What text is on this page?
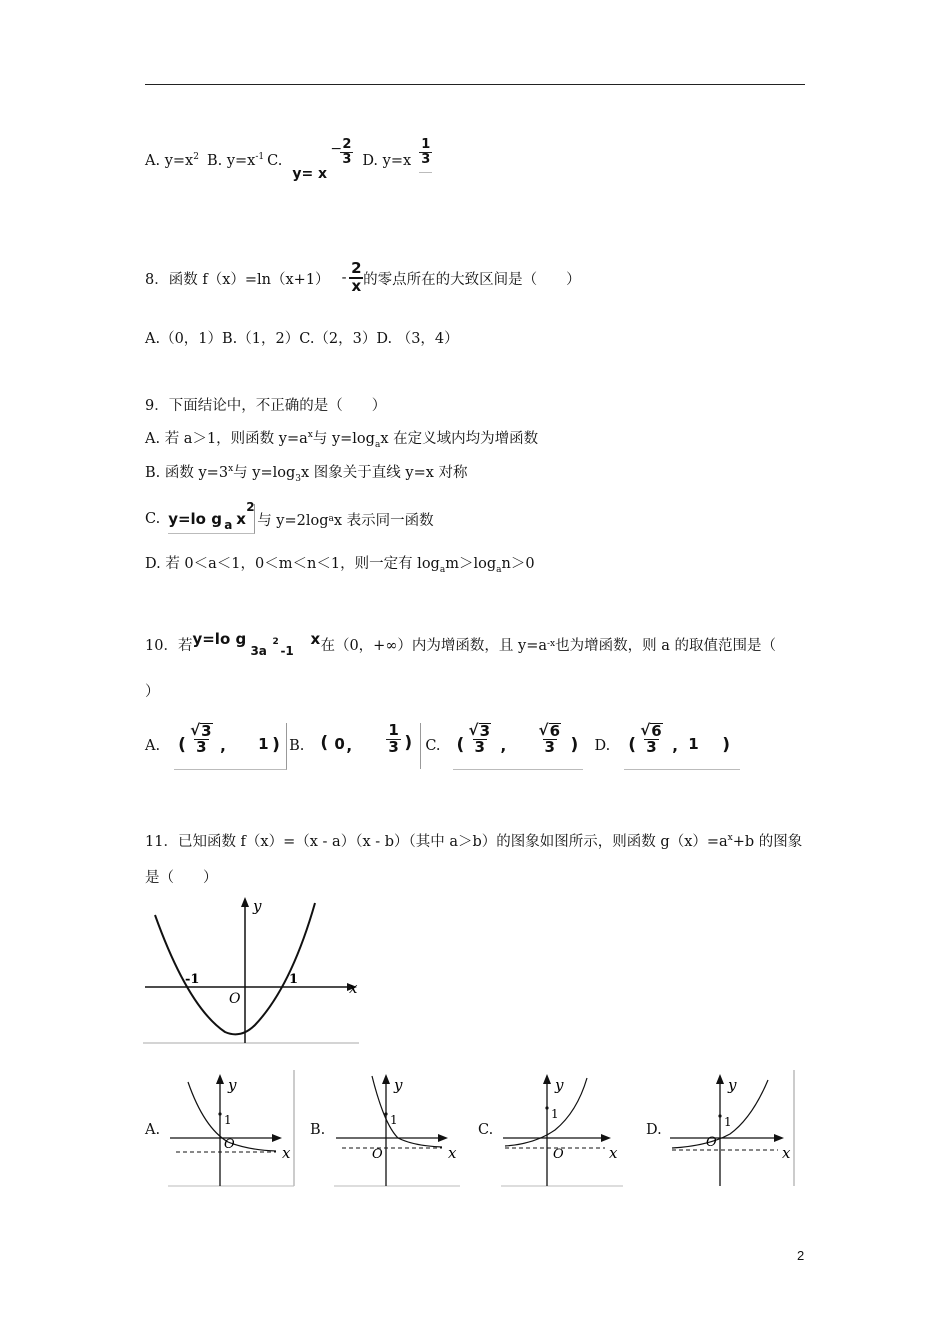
A. $y=x^2$ B. $y=x^{-1}$ C.
y= x
−
$\frac{2}{3} D$. $y=x \frac{1}{3}$
8．函数 $f(x)=\ln(x+1) - \frac{2}{x}$ 的零点所在的大致区间是（　　）
A.（0，1）B.（1，2）C.（2，3）D. （3，4）
9．下面结论中，不正确的是（　　）
A. 若 a＞1，则函数 $y=a^x$与 $y=\log_ax$ 在定义域内均为增函数
B. 函数 $y=3^x$与 $y=\log_3x$ 图象关于直线 y=x 对称
C. y=lo g a x
2
与 y=2log a x 表示同一函数
D. 若 0＜a＜1，0＜m＜n＜1，则一定有 $\log_am>\log_an>0$
10．若 y=lo g
3a
2
-1
x 在（0，+∞）内为增函数，且 y=a -x 也为增函数，则 a 的取值范围是（
）
A. ( $\frac{√ 3}{3}$ , 1 ) B. ( 0 , $\frac{1}{3}$ ) C. ( $\frac{√ 3}{3}$ , $\frac{√ 6}{3}$ ) D. ( $\frac{√ 6}{3}$ , 1 )
11．已知函数 f（x）=（x - a）（x - b）（其中 a＞b）的图象如图所示，则函数 $g(x)=a^x+b$ 的图象
是（　　）
y
x
O
-1	1
A.
y
1
O	x
B.
y
1
O	x
C.
y
1
O	x
D.
y
1
O
x
2
